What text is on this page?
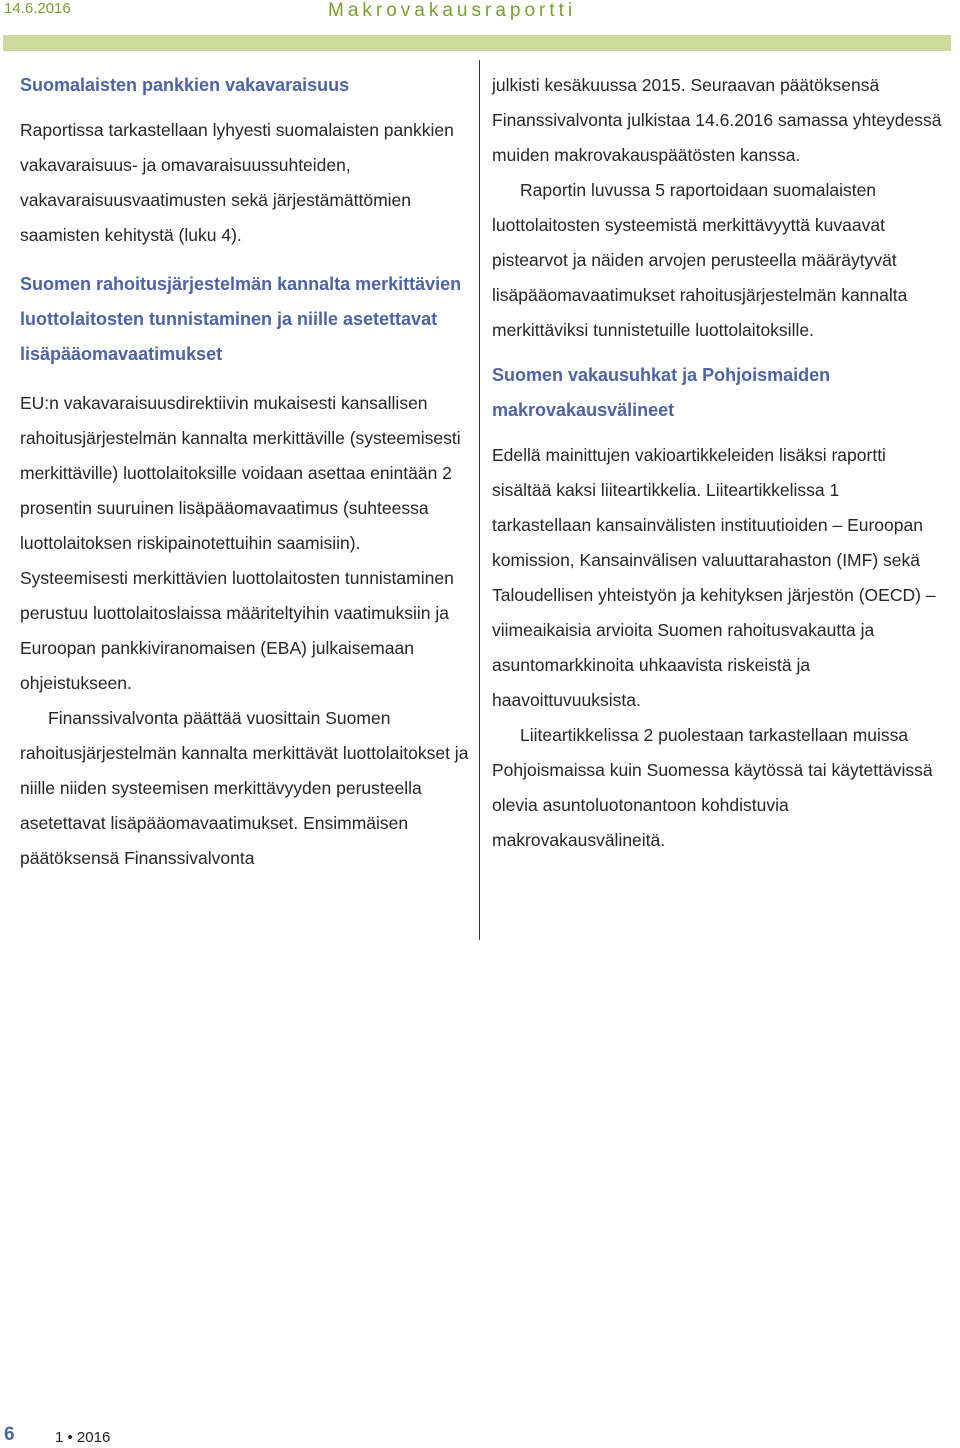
14.6.2016	Makrovakausraportti
Suomalaisten pankkien vakavaraisuus

Raportissa tarkastellaan lyhyesti suomalaisten pankkien vakavaraisuus- ja omavaraisuussuhteiden, vakavaraisuusvaatimusten sekä järjestämättömien saamisten kehitystä (luku 4).

Suomen rahoitusjärjestelmän kannalta merkittävien luottolaitosten tunnistaminen ja niille asetettavat lisäpääomavaatimukset

EU:n vakavaraisuusdirektiivin mukaisesti kansallisen rahoitusjärjestelmän kannalta merkittäville (systeemisesti merkittäville) luottolaitoksille voidaan asettaa enintään 2 prosentin suuruinen lisäpääomavaatimus (suhteessa luottolaitoksen riskipainotettuihin saamisiin). Systeemisesti merkittävien luottolaitosten tunnistaminen perustuu luottolaitoslaissa määriteltyihin vaatimuksiin ja Euroopan pankkiviranomaisen (EBA) julkaisemaan ohjeistukseen.

Finanssivalvonta päättää vuosittain Suomen rahoitusjärjestelmän kannalta merkittävät luottolaitokset ja niille niiden systeemisen merkittävyyden perusteella asetettavat lisäpääomavaatimukset. Ensimmäisen päätöksensä Finanssivalvonta

julkisti kesäkuussa 2015. Seuraavan päätöksensä Finanssivalvonta julkistaa 14.6.2016 samassa yhteydessä muiden makrovakauspäätösten kanssa.

Raportin luvussa 5 raportoidaan suomalaisten luottolaitosten systeemistä merkittävyyttä kuvaavat pistearvot ja näiden arvojen perusteella määräytyvät lisäpääomavaatimukset rahoitusjärjestelmän kannalta merkittäviksi tunnistetuille luottolaitoksille.

Suomen vakausuhkat ja Pohjoismaiden makrovakausvälineet

Edellä mainittujen vakioartikkeleiden lisäksi raportti sisältää kaksi liiteartikkelia. Liiteartikkelissa 1 tarkastellaan kansainvälisten instituutioiden – Euroopan komission, Kansainvälisen valuuttarahaston (IMF) sekä Taloudellisen yhteistyön ja kehityksen järjestön (OECD) – viimeaikaisia arvioita Suomen rahoitusvakautta ja asuntomarkkinoita uhkaavista riskeistä ja haavoittuvuuksista.

Liiteartikkelissa 2 puolestaan tarkastellaan muissa Pohjoismaissa kuin Suomessa käytössä tai käytettävissä olevia asuntoluotonantoon kohdistuvia makrovakausvälineitä.

6	1 • 2016
